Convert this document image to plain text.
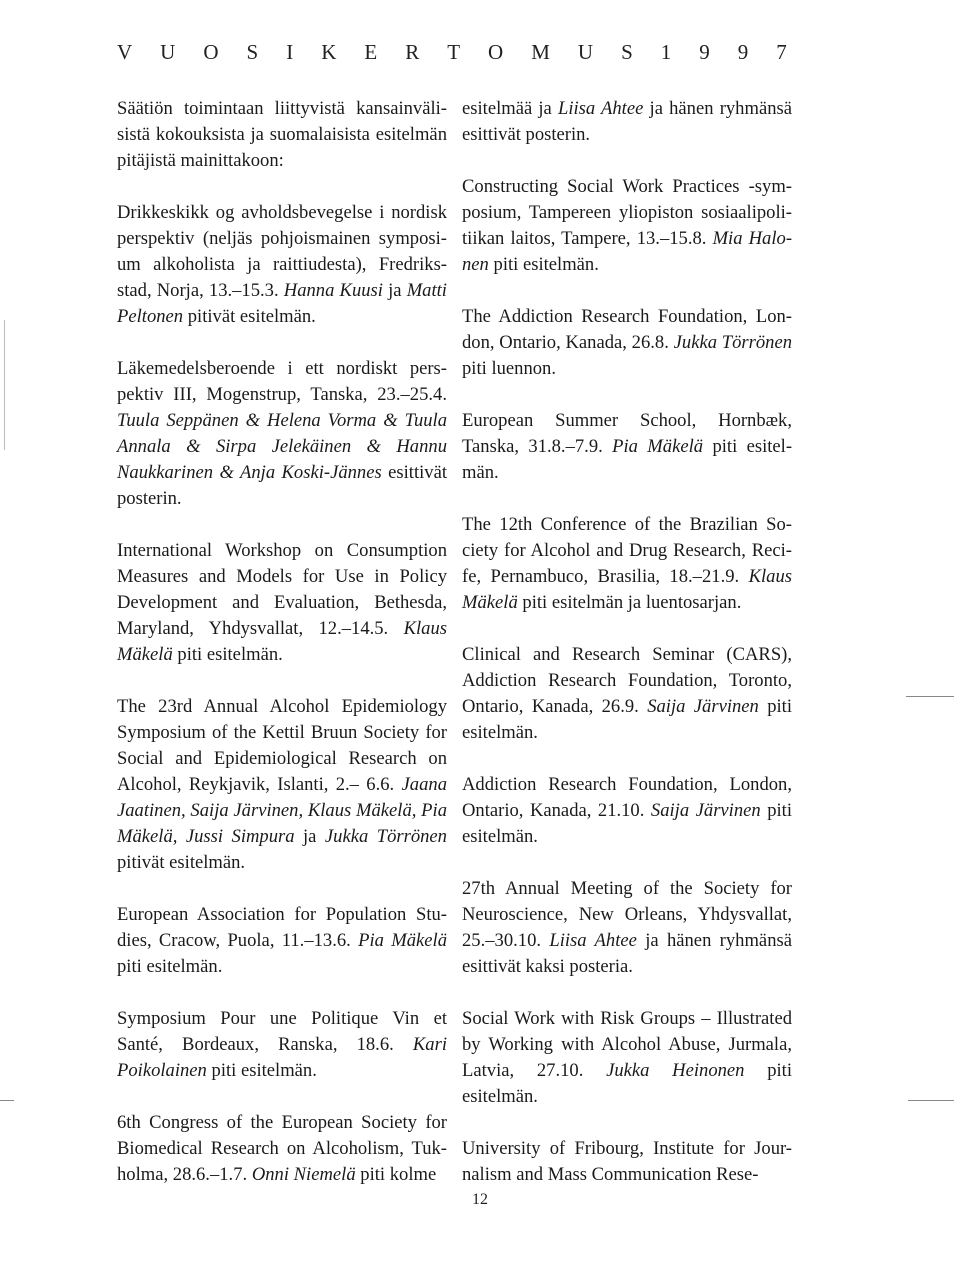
V U O S I K E R T O M U S 1 9 9 7

Säätiön toimintaan liittyvistä kansainväli- sistä kokouksista ja suomalaisista esitelmän pitäjistä mainittakoon:

Drikkeskikk og avholdsbevegelse i nordisk perspektiv (neljäs pohjoismainen symposi- um alkoholista ja raittiudesta), Fredriks- stad, Norja, 13.–15.3. Hanna Kuusi ja Matti Peltonen pitivät esitelmän.

Läkemedelsberoende i ett nordiskt pers- pektiv III, Mogenstrup, Tanska, 23.–25.4. Tuula Seppänen & Helena Vorma & Tuula Annala & Sirpa Jelekäinen & Hannu Naukkarinen & Anja Koski-Jännes esittivät posterin.

International Workshop on Consumption Measures and Models for Use in Policy Development and Evaluation, Bethesda, Maryland, Yhdysvallat, 12.–14.5. Klaus Mäkelä piti esitelmän.

The 23rd Annual Alcohol Epidemiology Symposium of the Kettil Bruun Society for Social and Epidemiological Research on Alcohol, Reykjavik, Islanti, 2.– 6.6. Jaana Jaatinen, Saija Järvinen, Klaus Mäkelä, Pia Mäkelä, Jussi Simpura ja Jukka Törrönen pitivät esitelmän.

European Association for Population Stu- dies, Cracow, Puola, 11.–13.6. Pia Mäkelä piti esitelmän.

Symposium Pour une Politique Vin et Santé, Bordeaux, Ranska, 18.6. Kari Poikolainen piti esitelmän.

6th Congress of the European Society for Biomedical Research on Alcoholism, Tuk- holma, 28.6.–1.7. Onni Niemelä piti kolme

esitelmää ja Liisa Ahtee ja hänen ryhmänsä esittivät posterin.

Constructing Social Work Practices -sym- posium, Tampereen yliopiston sosiaalipoli- tiikan laitos, Tampere, 13.–15.8. Mia Halo- nen piti esitelmän.

The Addiction Research Foundation, Lon- don, Ontario, Kanada, 26.8. Jukka Törrönen piti luennon.

European Summer School, Hornbæk, Tanska, 31.8.–7.9. Pia Mäkelä piti esitel- män.

The 12th Conference of the Brazilian So- ciety for Alcohol and Drug Research, Reci- fe, Pernambuco, Brasilia, 18.–21.9. Klaus Mäkelä piti esitelmän ja luentosarjan.

Clinical and Research Seminar (CARS), Addiction Research Foundation, Toronto, Ontario, Kanada, 26.9. Saija Järvinen piti esitelmän.

Addiction Research Foundation, London, Ontario, Kanada, 21.10. Saija Järvinen piti esitelmän.

27th Annual Meeting of the Society for Neuroscience, New Orleans, Yhdysvallat, 25.–30.10. Liisa Ahtee ja hänen ryhmänsä esittivät kaksi posteria.

Social Work with Risk Groups – Illustrated by Working with Alcohol Abuse, Jurmala, Latvia, 27.10. Jukka Heinonen piti esitelmän.

University of Fribourg, Institute for Jour- nalism and Mass Communication Rese-

12
